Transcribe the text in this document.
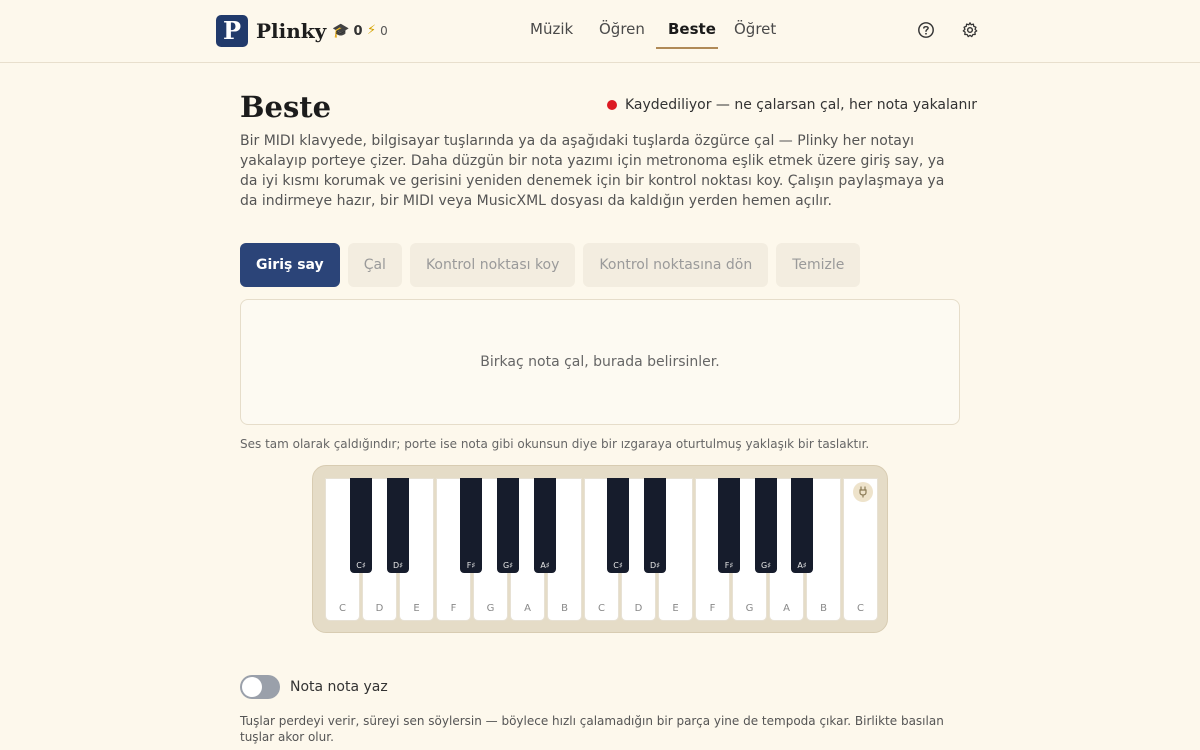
P Plinky 🎓 0 ⚡ 0	Müzik Öğren Beste Öğret
Beste	Kaydediliyor — ne çalarsan çal, her nota yakalanır

Bir MIDI klavyede, bilgisayar tuşlarında ya da aşağıdaki tuşlarda özgürce çal — Plinky her notayı yakalayıp porteye çizer. Daha düzgün bir nota yazımı için metronoma eşlik etmek üzere giriş say, ya da iyi kısmı korumak ve gerisini yeniden denemek için bir kontrol noktası koy. Çalışın paylaşmaya ya da indirmeye hazır, bir MIDI veya MusicXML dosyası da kaldığın yerden hemen açılır.

Giriş say	Çal	Kontrol noktası koy	Kontrol noktasına dön	Temizle
Birkaç nota çal, burada belirsinler.
Ses tam olarak çaldığındır; porte ise nota gibi okunsun diye bir ızgaraya oturtulmuş yaklaşık bir taslaktır.
C	D	E	F	G	A	B	C	D	E	F	G	A	B	C
C♯	D♯	F♯	G♯	A♯	C♯	D♯	F♯	G♯	A♯
Nota nota yaz

Tuşlar perdeyi verir, süreyi sen söylersin — böylece hızlı çalamadığın bir parça yine de tempoda çıkar. Birlikte basılan tuşlar akor olur.
